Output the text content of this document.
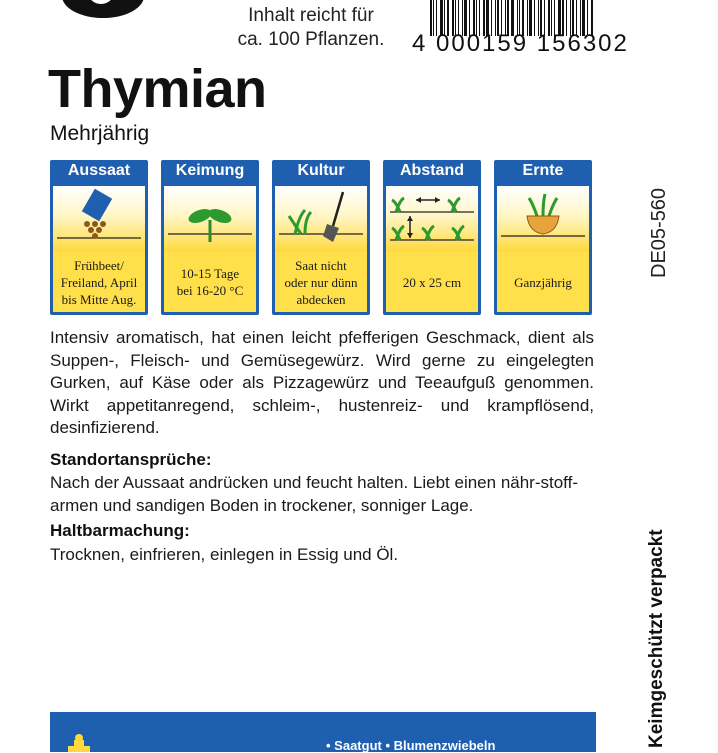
Inhalt reicht für
ca. 100 Pflanzen.	4 000159 156302
Thymian
Mehrjährig
DE05-560
Aussaat
Frühbeet/
Freiland, April
bis Mitte Aug.
Keimung
10-15 Tage
bei 16-20 °C
Kultur
Saat nicht
oder nur dünn
abdecken
Abstand
20 x 25 cm
Ernte
Ganzjährig
Intensiv aromatisch, hat einen leicht pfefferigen Geschmack, dient als Suppen-, Fleisch- und Gemüsegewürz. Wird gerne zu eingelegten Gurken, auf Käse oder als Pizzagewürz und Teeaufguß genommen. Wirkt appetitanregend, schleim-, hustenreiz- und krampflösend, desinfizierend.
Standortansprüche:
Nach der Aussaat andrücken und feucht halten. Liebt einen nähr-stoff-armen und sandigen Boden in trockener, sonniger Lage.
Haltbarmachung:
Trocknen, einfrieren, einlegen in Essig und Öl.	Keimgeschützt verpackt
• Saatgut • Blumenzwiebeln
